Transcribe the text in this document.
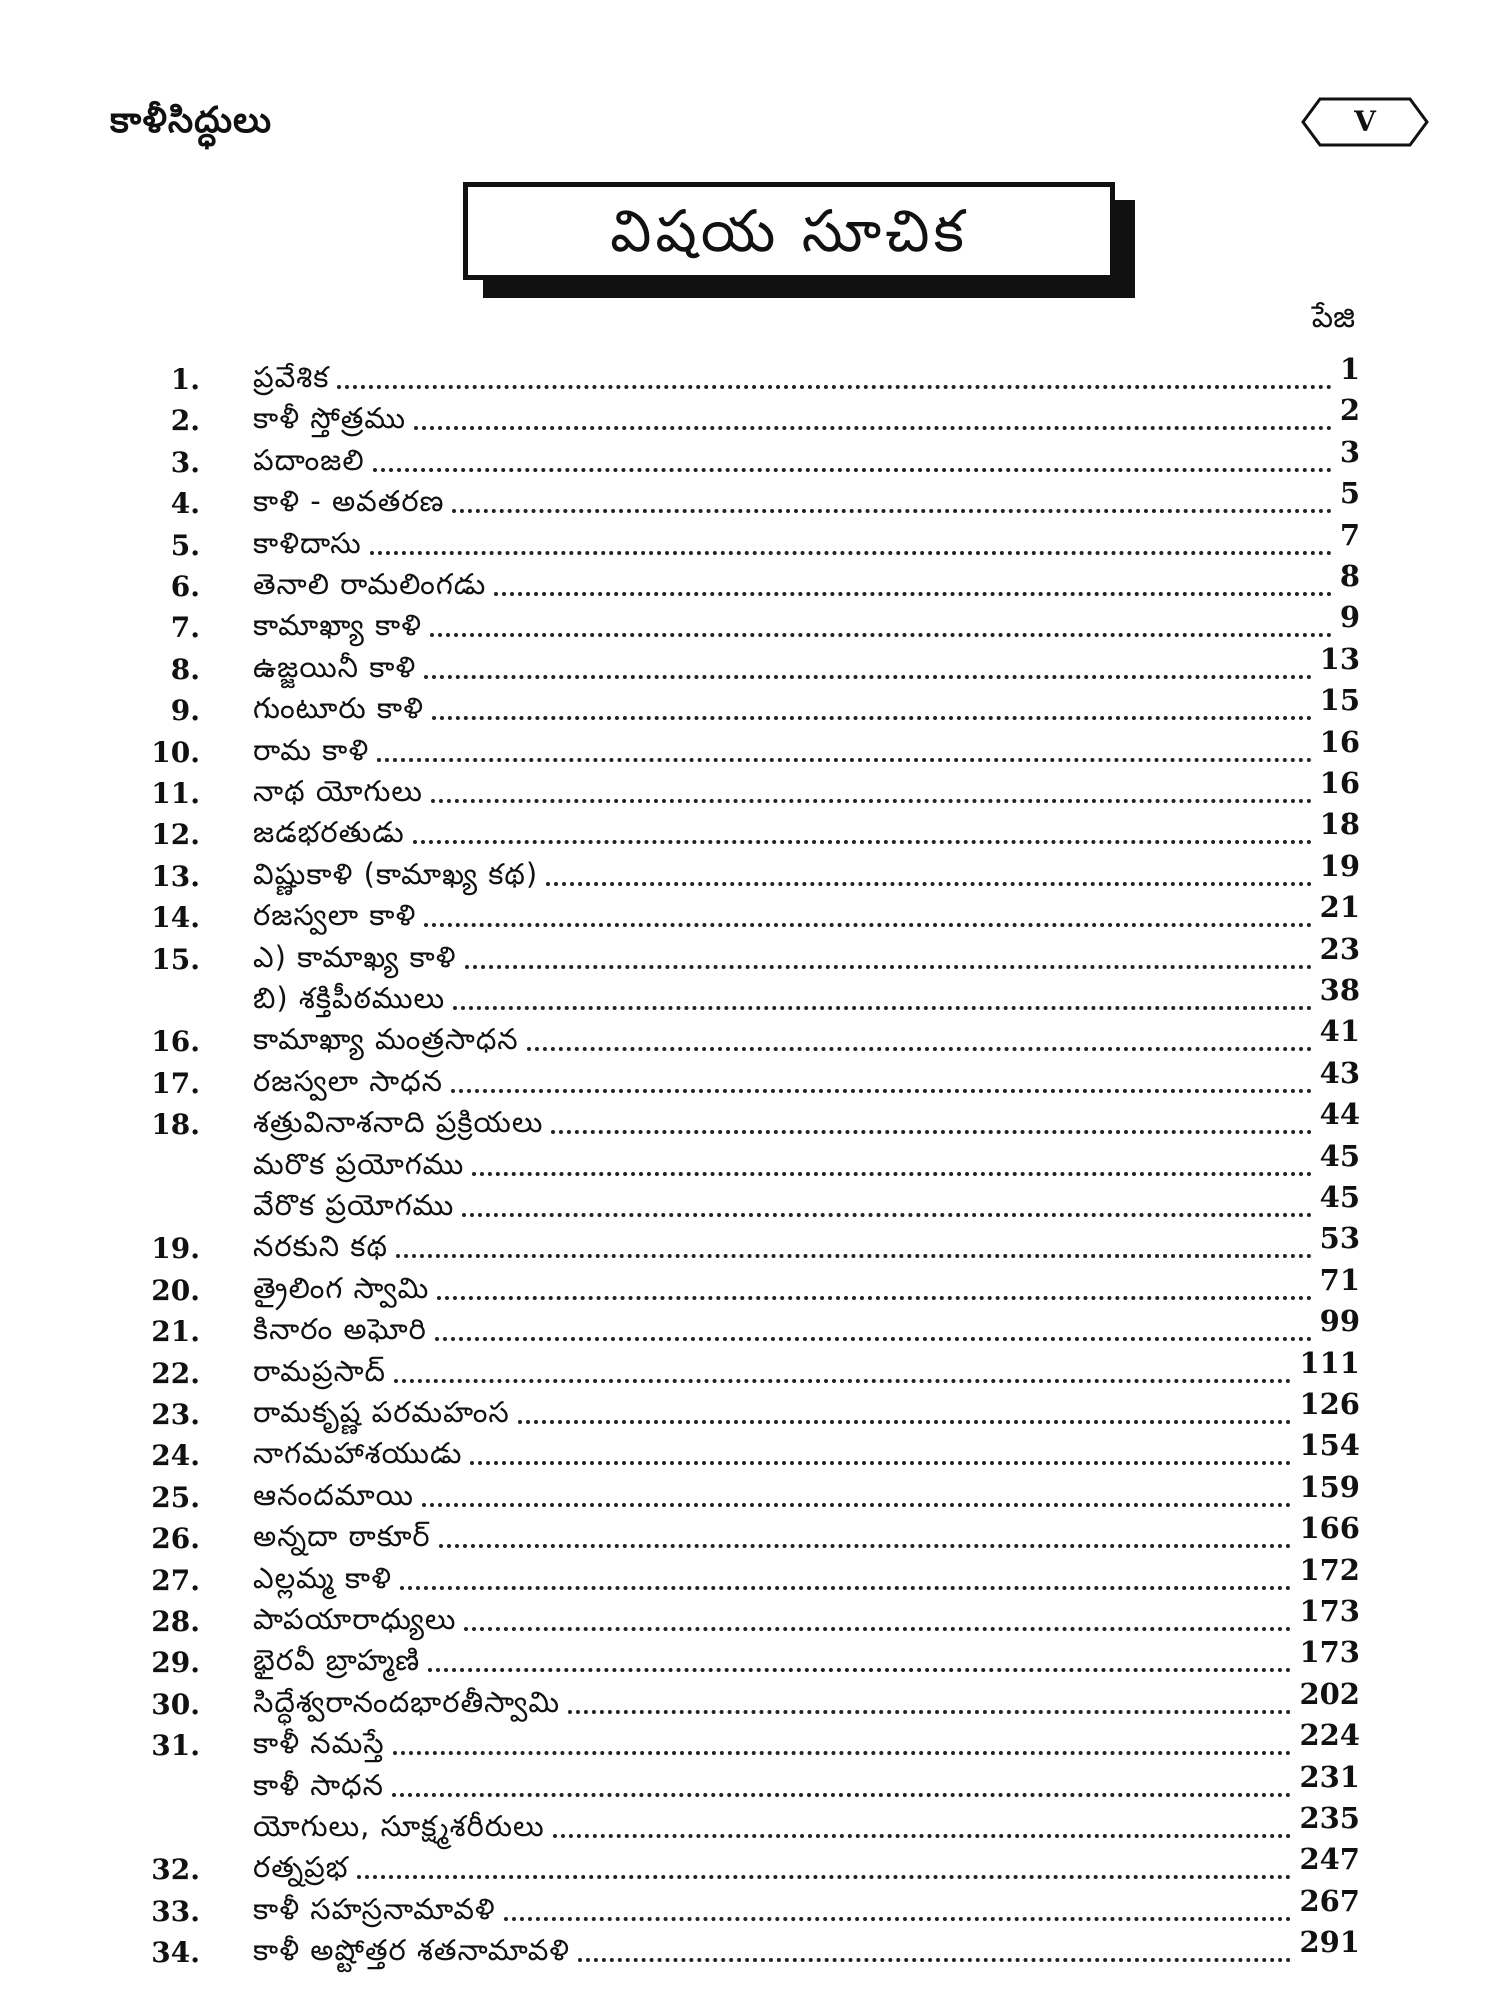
కాళీసిద్ధులు	V
విషయ సూచిక
పేజి
1. ప్రవేశిక	1
2. కాళీ స్తోత్రము	2
3. పదాంజలి	3
4. కాళి - అవతరణ	5
5. కాళిదాసు	7
6. తెనాలి రామలింగడు	8
7. కామాఖ్యా కాళి	9
8. ఉజ్జయినీ కాళి	13
9. గుంటూరు కాళి	15
10. రామ కాళి	16
11. నాథ యోగులు	16
12. జడభరతుడు	18
13. విష్ణుకాళి (కామాఖ్య కథ)	19
14. రజస్వలా కాళి	21
15. ఎ) కామాఖ్య కాళి	23
బి) శక్తిపీఠములు	38
16. కామాఖ్యా మంత్రసాధన	41
17. రజస్వలా సాధన	43
18. శత్రువినాశనాది ప్రక్రియలు	44
మరొక ప్రయోగము	45
వేరొక ప్రయోగము	45
19. నరకుని కథ	53
20. త్రైలింగ స్వామి	71
21. కినారం అఘోరి	99
22. రామప్రసాద్	111
23. రామకృష్ణ పరమహంస	126
24. నాగమహాశయుడు	154
25. ఆనందమాయి	159
26. అన్నదా ఠాకూర్	166
27. ఎల్లమ్మ కాళి	172
28. పాపయారాధ్యులు	173
29. భైరవీ బ్రాహ్మణి	173
30. సిద్ధేశ్వరానందభారతీస్వామి	202
31. కాళీ నమస్తే	224
కాళీ సాధన	231
యోగులు, సూక్ష్మశరీరులు	235
32. రత్నప్రభ	247
33. కాళీ సహస్రనామావళి	267
34. కాళీ అష్టోత్తర శతనామావళి	291
